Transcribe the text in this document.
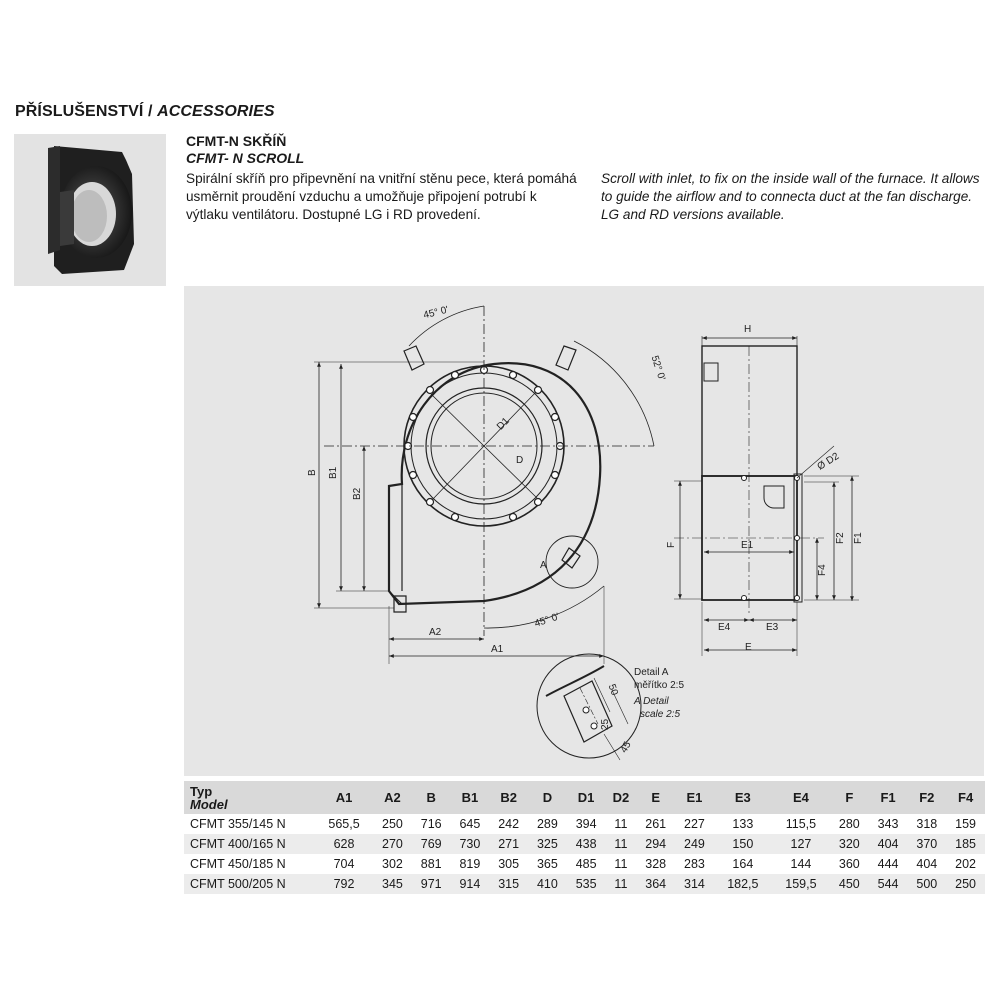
PŘÍSLUŠENSTVÍ / ACCESSORIES
CFMT-N SKŘÍŇ
CFMT- N SCROLL
Spirální skříň pro připevnění na vnitřní stěnu pece, která pomáhá usměrnit proudění vzduchu a umožňuje připojení potrubí k výtlaku ventilátoru. Dostupné LG i RD provedení.
Scroll with inlet, to fix on the inside wall of the furnace. It allows to guide the airflow and to connecta duct at the fan discharge. LG and RD versions available.
45° 0'
52° 0'
45° 0'
B B1
B2
A2
A1
A
D1
D
H
Ø D2
F
F1
F2
F4
E1
E4	E3
E
50
25
45
Detail A
měřítko 2:5
A Detail
scale 2:5
Typ
Model	A1	A2	B	B1	B2	D	D1	D2	E	E1	E3	E4	F	F1	F2	F4
CFMT 355/145 N	565,5	250	716	645	242	289	394	11	261	227	133	115,5	280	343	318	159
CFMT 400/165 N	628	270	769	730	271	325	438	11	294	249	150	127	320	404	370	185
CFMT 450/185 N	704	302	881	819	305	365	485	11	328	283	164	144	360	444	404	202
CFMT 500/205 N	792	345	971	914	315	410	535	11	364	314	182,5	159,5	450	544	500	250
